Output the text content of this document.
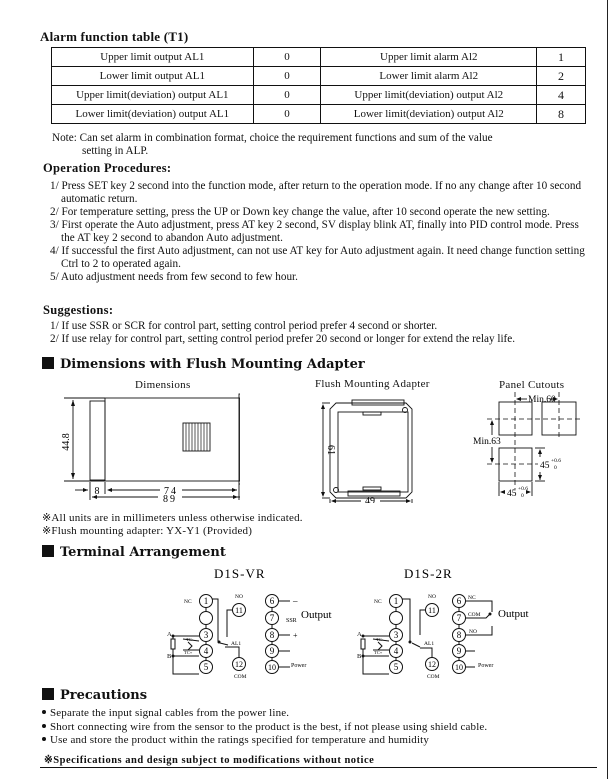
Alarm function table (T1)
Upper limit output AL1	0	Upper limit alarm Al2	1
Lower limit output AL1	0	Lower limit alarm Al2	2
Upper limit(deviation) output AL1	0	Upper limit(deviation) output Al2	4
Lower limit(deviation) output AL1	0	Lower limit(deviation) output Al2	8
Note: Can set alarm in combination format, choice the requirement functions and sum of the value
setting in ALP.
Operation Procedures:
1/ Press SET key 2 second into the function mode, after return to the operation mode. If no any change after 10 second automatic return.
2/ For temperature setting, press the UP or Down key change the value, after 10 second operate the new setting.
3/ First operate the Auto adjustment, press AT key 2 second, SV display blink AT, finally into PID control mode. Press the AT key 2 second to abandon Auto adjustment.
4/ If successful the first Auto adjustment, can not use AT key for Auto adjustment again. It need change function setting Ctrl to 2 to operated again.
5/ Auto adjustment needs from few second to few hour.
Suggestions:
1/ If use SSR or SCR for control part, setting control period prefer 4 second or shorter.
2/ If use relay for control part, setting control period prefer 20 second or longer for extend the relay life.
Dimensions with Flush Mounting Adapter
Dimensions	Flush Mounting Adapter	Panel Cutouts
44.8
8	74
89
61
49
Min.60
Min.63
45 +0.6
0
45 +0.6
0
※All units are in millimeters unless otherwise indicated.
※Flush mounting adapter: YX-Y1 (Provided)
Terminal Arrangement
D1S-VR
1
3
4
5
6
7
8
9
10
11
12
NC
NO
COM
AL1
TC-
TC+
A
B
SSR
Power
–
+
Output
D1S-2R
1
3
4
5
6
7
8
9
10
11
12
NC
NO
COM
AL1
TC-
TC+
A
B
NC
COM
NO
Power
Output
Precautions
Separate the input signal cables from the power line.
Short connecting wire from the sensor to the product is the best, if not please using shield cable.
Use and store the product within the ratings specified for temperature and humidity
※Specifications and design subject to modifications without notice
